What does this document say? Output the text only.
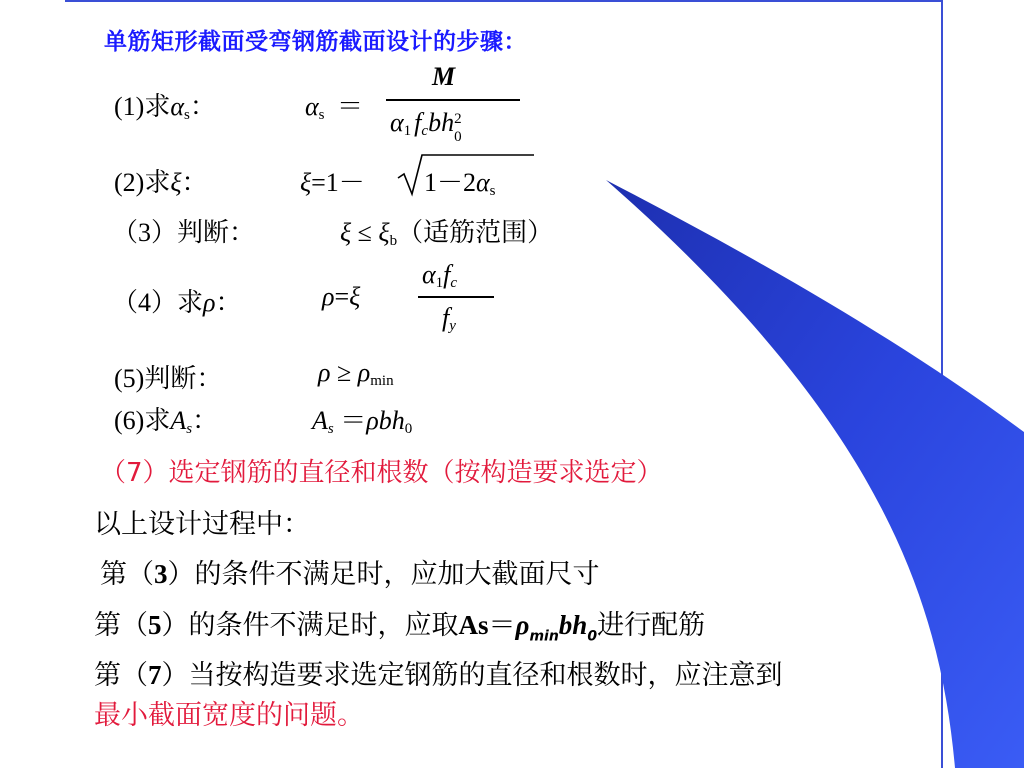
单筋矩形截面受弯钢筋截面设计的步骤：
(1)求$\alpha_s$：	$\alpha_s$ ＝
M
$\alpha_1$ $f_cbh$ 2
0
(2)求ξ：	$\xi=1- 1-2\alpha_s$
（3）判断：	$\xi \le \xi_b$（适筋范围）
（4）求ρ：	ρ=ξ
$\alpha_1f_c$
$f_y$
(5)判断：	$\rho \ge \rho_{min}$
(6)求$A_s$：	$A_s =\rho bh_0$
（7）选定钢筋的直径和根数（按构造要求选定）
以上设计过程中：
第（3）的条件不满足时，应加大截面尺寸
第（5）的条件不满足时，应取$As=\rho_{min}bh_0$进行配筋
第（7）当按构造要求选定钢筋的直径和根数时，应注意到
最小截面宽度的问题。
